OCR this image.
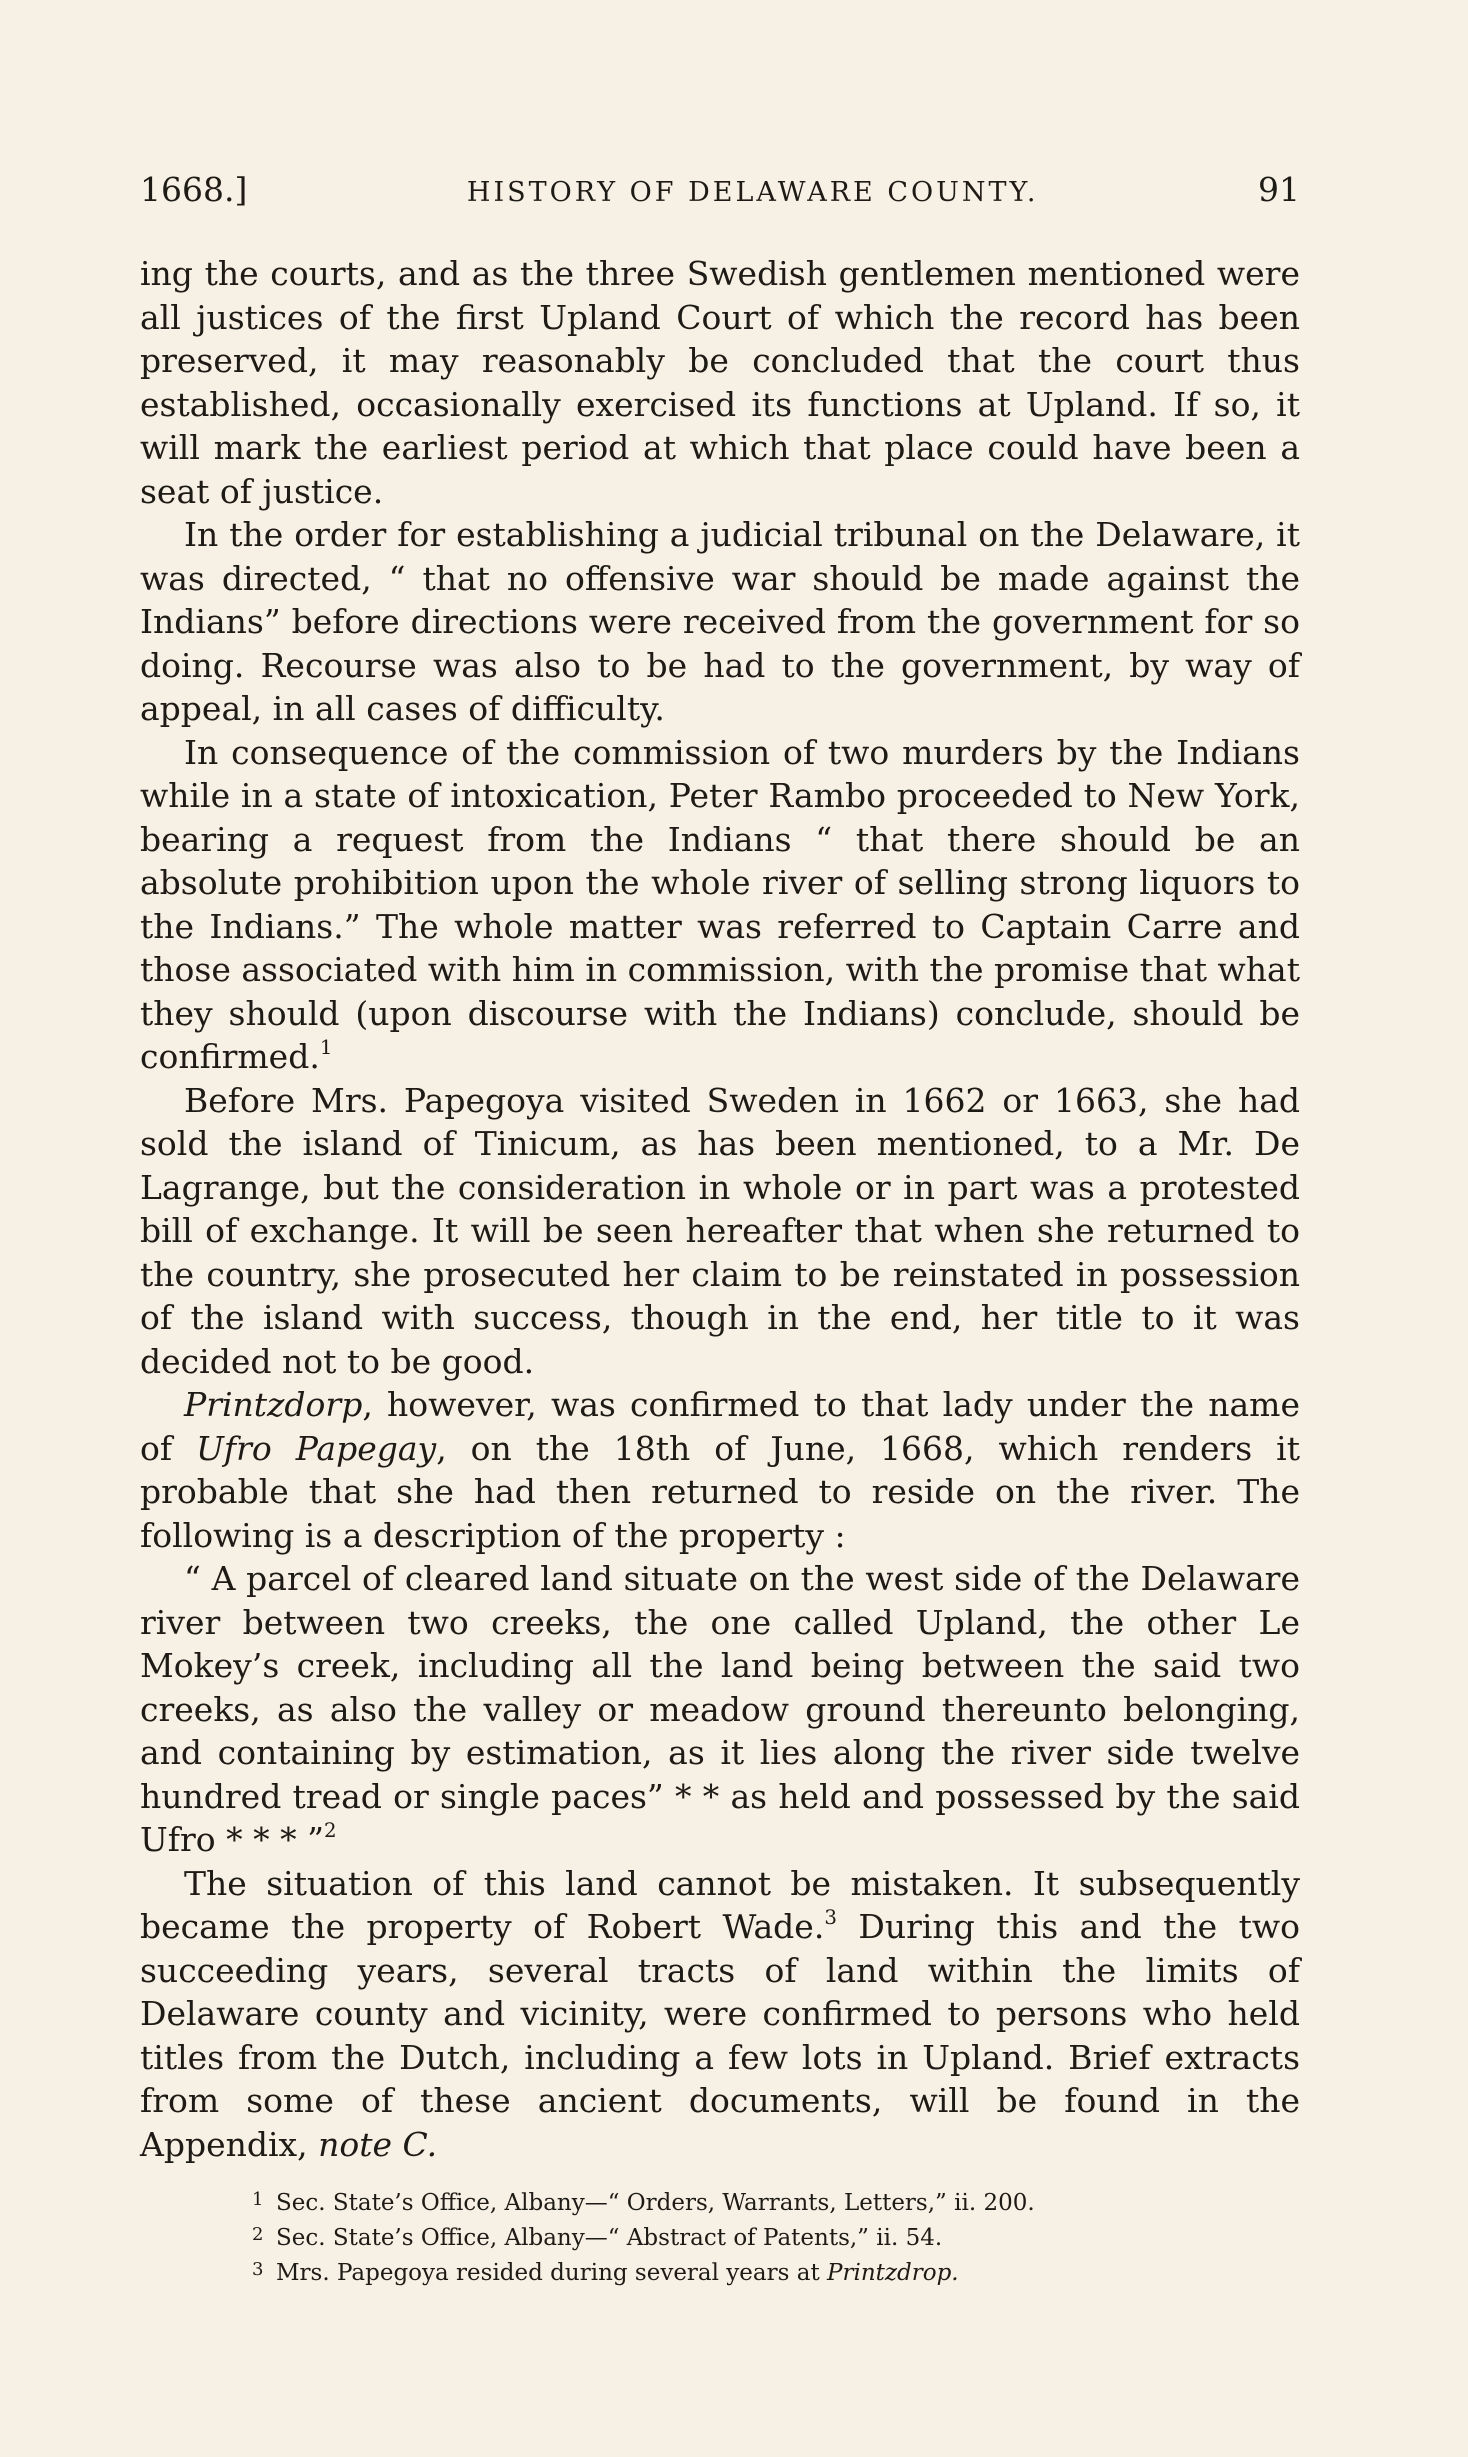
1668.]	HISTORY OF DELAWARE COUNTY.	91

ing the courts, and as the three Swedish gentlemen mentioned were all justices of the first Upland Court of which the record has been preserved, it may reasonably be concluded that the court thus established, occasionally exercised its functions at Upland. If so, it will mark the earliest period at which that place could have been a seat of justice.

In the order for establishing a judicial tribunal on the Delaware, it was directed, “ that no offensive war should be made against the Indians” before directions were received from the government for so doing. Recourse was also to be had to the government, by way of appeal, in all cases of difficulty.

In consequence of the commission of two murders by the Indians while in a state of intoxication, Peter Rambo proceeded to New York, bearing a request from the Indians “ that there should be an absolute prohibition upon the whole river of selling strong liquors to the Indians.” The whole matter was referred to Captain Carre and those associated with him in commission, with the promise that what they should (upon discourse with the Indians) conclude, should be confirmed.$^1$

Before Mrs. Papegoya visited Sweden in 1662 or 1663, she had sold the island of Tinicum, as has been mentioned, to a Mr. De Lagrange, but the consideration in whole or in part was a protested bill of exchange. It will be seen hereafter that when she returned to the country, she prosecuted her claim to be reinstated in possession of the island with success, though in the end, her title to it was decided not to be good.

Printzdorp, however, was confirmed to that lady under the name of Ufro Papegay, on the 18th of June, 1668, which renders it probable that she had then returned to reside on the river. The following is a description of the property :

“ A parcel of cleared land situate on the west side of the Delaware river between two creeks, the one called Upland, the other Le Mokey’s creek, including all the land being between the said two creeks, as also the valley or meadow ground thereunto belonging, and containing by estimation, as it lies along the river side twelve hundred tread or single paces” * * as held and possessed by the said Ufro * * * ”$^2$

The situation of this land cannot be mistaken. It subsequently became the property of Robert Wade.$^3$ During this and the two succeeding years, several tracts of land within the limits of Delaware county and vicinity, were confirmed to persons who held titles from the Dutch, including a few lots in Upland. Brief extracts from some of these ancient documents, will be found in the Appendix, note C.

1 Sec. State’s Office, Albany—“ Orders, Warrants, Letters,” ii. 200.
2 Sec. State’s Office, Albany—“ Abstract of Patents,” ii. 54.
3 Mrs. Papegoya resided during several years at Printzdrop.
